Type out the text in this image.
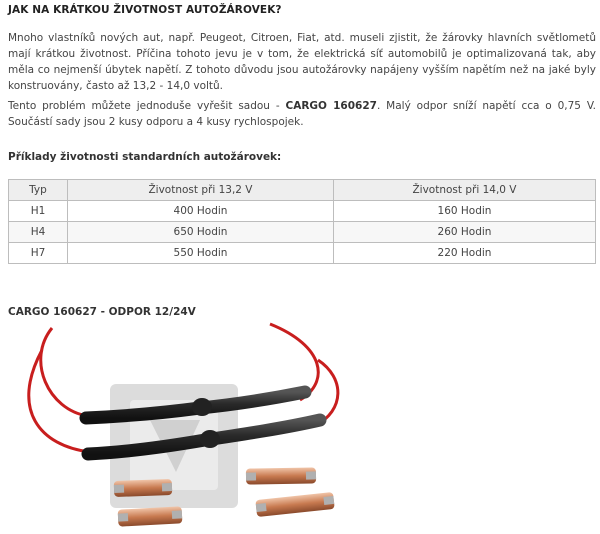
JAK NA KRÁTKOU ŽIVOTNOST AUTOŽÁROVEK?
Mnoho vlastníků nových aut, např. Peugeot, Citroen, Fiat, atd. museli zjistit, že žárovky hlavních světlometů mají krátkou životnost. Příčina tohoto jevu je v tom, že elektrická síť automobilů je optimalizovaná tak, aby měla co nejmenší úbytek napětí. Z tohoto důvodu jsou autožárovky napájeny vyšším napětím než na jaké byly konstruovány, často až 13,2 - 14,0 voltů.
Tento problém můžete jednoduše vyřešit sadou - CARGO 160627. Malý odpor sníží napětí cca o 0,75 V. Součástí sady jsou 2 kusy odporu a 4 kusy rychlospojek.
Příklady životnosti standardních autožárovek:
Typ	Životnost při 13,2 V	Životnost při 14,0 V
H1	400 Hodin	160 Hodin
H4	650 Hodin	260 Hodin
H7	550 Hodin	220 Hodin
CARGO 160627 - ODPOR 12/24V
